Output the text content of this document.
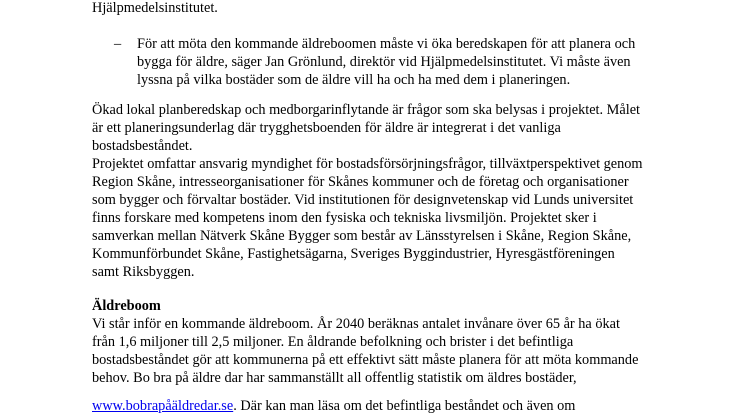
Hjälpmedelsinstitutet.
– För att möta den kommande äldreboomen måste vi öka beredskapen för att planera och
bygga för äldre, säger Jan Grönlund, direktör vid Hjälpmedelsinstitutet. Vi måste även
lyssna på vilka bostäder som de äldre vill ha och ha med dem i planeringen.
Ökad lokal planberedskap och medborgarinflytande är frågor som ska belysas i projektet. Målet
är ett planeringsunderlag där trygghetsboenden för äldre är integrerat i det vanliga
bostadsbeståndet.
Projektet omfattar ansvarig myndighet för bostadsförsörjningsfrågor, tillväxtperspektivet genom
Region Skåne, intresseorganisationer för Skånes kommuner och de företag och organisationer
som bygger och förvaltar bostäder. Vid institutionen för designvetenskap vid Lunds universitet
finns forskare med kompetens inom den fysiska och tekniska livsmiljön. Projektet sker i
samverkan mellan Nätverk Skåne Bygger som består av Länsstyrelsen i Skåne, Region Skåne,
Kommunförbundet Skåne, Fastighetsägarna, Sveriges Byggindustrier, Hyresgästföreningen
samt Riksbyggen.
Äldreboom
Vi står inför en kommande äldreboom. År 2040 beräknas antalet invånare över 65 år ha ökat
från 1,6 miljoner till 2,5 miljoner. En åldrande befolkning och brister i det befintliga
bostadsbeståndet gör att kommunerna på ett effektivt sätt måste planera för att möta kommande
behov. Bo bra på äldre dar har sammanställt all offentlig statistik om äldres bostäder,
www.bobrapåäldredar.se. Där kan man läsa om det befintliga beståndet och även om
